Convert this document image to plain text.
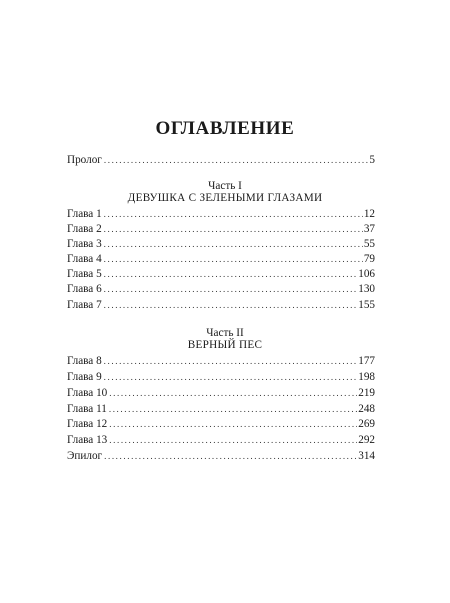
ОГЛАВЛЕНИЕ
Пролог .....	5

Часть I

ДЕВУШКА С ЗЕЛЕНЫМИ ГЛАЗАМИ

Глава 1 .....	12
Глава 2 .....	37
Глава 3 .....	55
Глава 4 .....	79
Глава 5 .....	106
Глава 6 .....	130
Глава 7 .....	155

Часть II

ВЕРНЫЙ ПЕС

Глава 8 .....	177
Глава 9 .....	198
Глава 10 .....	219
Глава 11 .....	248
Глава 12 .....	269
Глава 13 .....	292
Эпилог .....	314
